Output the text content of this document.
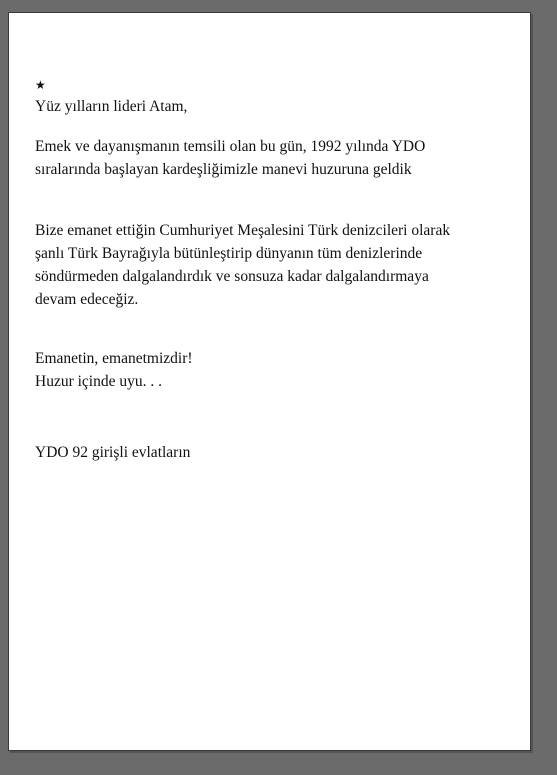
★

Yüz yılların lideri Atam,

Emek ve dayanışmanın temsili olan bu gün, 1992 yılında YDO
sıralarında başlayan kardeşliğimizle manevi huzuruna geldik

Bize emanet ettiğin Cumhuriyet Meşalesini Türk denizcileri olarak
şanlı Türk Bayrağıyla bütünleştirip dünyanın tüm denizlerinde
söndürmeden dalgalandırdık ve sonsuza kadar dalgalandırmaya
devam edeceğiz.

Emanetin, emanetmizdir!
Huzur içinde uyu. . .

YDO 92 girişli evlatların
